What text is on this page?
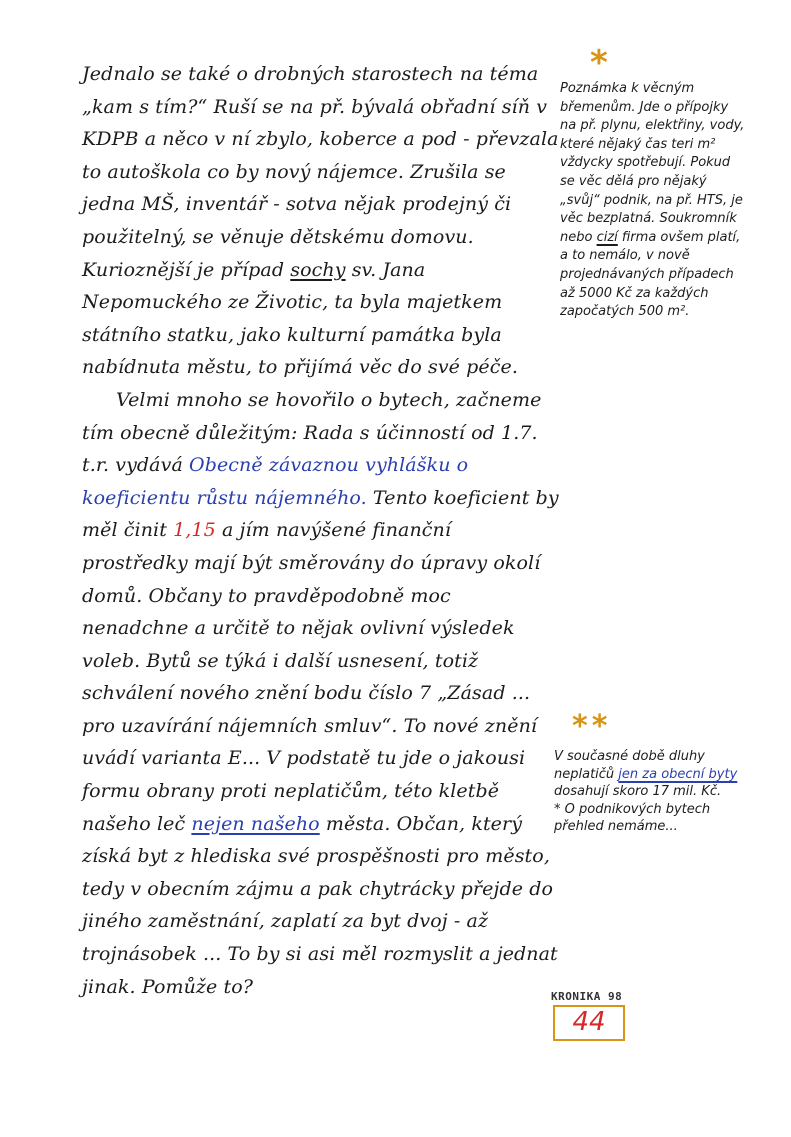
Jednalo se také o drobných starostech na téma „kam s tím?“ Ruší se na př. bývalá obřadní síň v KDPB a něco v ní zbylo, koberce a pod - převzala to autoškola co by nový nájemce. Zrušila se jedna MŠ, inventář - sotva nějak prodejný či použitelný, se věnuje dětskému domovu. Kurioznější je případ sochy sv. Jana Nepomuckého ze Životic, ta byla majetkem státního statku, jako kulturní památka byla nabídnuta městu, to přijímá věc do své péče.

Velmi mnoho se hovořilo o bytech, začneme tím obecně důležitým: Rada s účinností od 1.7. t.r. vydává Obecně závaznou vyhlášku o koeficientu růstu nájemného. Tento koeficient by měl činit 1,15 a jím navýšené finanční prostředky mají být směrovány do úpravy okolí domů. Občany to pravděpodobně moc nenadchne a určitě to nějak ovlivní výsledek voleb. Bytů se týká i další usnesení, totiž schválení nového znění bodu číslo 7 „Zásad ... pro uzavírání nájemních smluv“. To nové znění uvádí varianta E... V podstatě tu jde o jakousi formu obrany proti neplatičům, této kletbě našeho leč nejen našeho města. Občan, který získá byt z hlediska své prospěšnosti pro město, tedy v obecním zájmu a pak chytrácky přejde do jiného zaměstnání, zaplatí za byt dvoj - až trojnásobek ... To by si asi měl rozmyslit a jednat jinak. Pomůže to?

*

Poznámka k věcným břemenům. Jde o přípojky na př. plynu, elektřiny, vody, které nějaký čas teri m² vždycky spotřebují. Pokud se věc dělá pro nějaký „svůj“ podnik, na př. HTS, je věc bezplatná. Soukromník nebo cizí firma ovšem platí, a to nemálo, v nově projednávaných případech až 5000 Kč za každých započatých 500 m².

**

V současné době dluhy neplatičů jen za obecní byty dosahují skoro 17 mil. Kč.

* O podnikových bytech přehled nemáme...

KRONIKA 98
44
